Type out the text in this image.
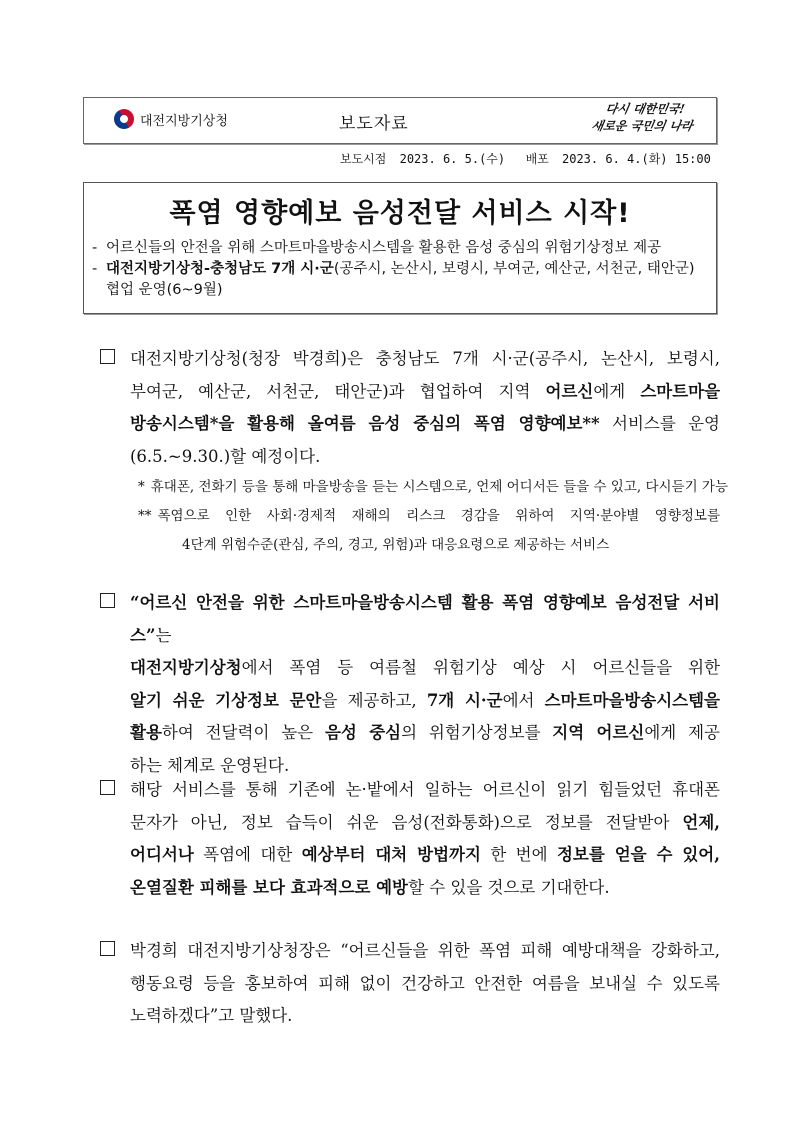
대전지방기상청	보도자료
다시 대한민국!
새로운 국민의 나라
보도시점 2023. 6. 5.(수) 배포 2023. 6. 4.(화) 15:00
폭염 영향예보 음성전달 서비스 시작!
- 어르신들의 안전을 위해 스마트마을방송시스템을 활용한 음성 중심의 위험기상정보 제공
- 대전지방기상청-충청남도 7개 시·군(공주시, 논산시, 보령시, 부여군, 예산군, 서천군, 태안군) 협업 운영(6~9월)
대전지방기상청(청장 박경희)은 충청남도 7개 시·군(공주시, 논산시, 보령시,
부여군, 예산군, 서천군, 태안군)과 협업하여 지역 어르신에게 스마트마을
방송시스템*을 활용해 올여름 음성 중심의 폭염 영향예보** 서비스를 운영
(6.5.~9.30.)할 예정이다.
* 휴대폰, 전화기 등을 통해 마을방송을 듣는 시스템으로, 언제 어디서든 들을 수 있고, 다시듣기 가능
** 폭염으로 인한 사회·경제적 재해의 리스크 경감을 위하여 지역·분야별 영향정보를
4단계 위험수준(관심, 주의, 경고, 위험)과 대응요령으로 제공하는 서비스
“어르신 안전을 위한 스마트마을방송시스템 활용 폭염 영향예보 음성전달 서비스”는
대전지방기상청에서 폭염 등 여름철 위험기상 예상 시 어르신들을 위한
알기 쉬운 기상정보 문안을 제공하고, 7개 시·군에서 스마트마을방송시스템을
활용하여 전달력이 높은 음성 중심의 위험기상정보를 지역 어르신에게 제공
하는 체계로 운영된다.
해당 서비스를 통해 기존에 논·밭에서 일하는 어르신이 읽기 힘들었던 휴대폰
문자가 아닌, 정보 습득이 쉬운 음성(전화통화)으로 정보를 전달받아 언제,
어디서나 폭염에 대한 예상부터 대처 방법까지 한 번에 정보를 얻을 수 있어,
온열질환 피해를 보다 효과적으로 예방할 수 있을 것으로 기대한다.
박경희 대전지방기상청장은 “어르신들을 위한 폭염 피해 예방대책을 강화하고,
행동요령 등을 홍보하여 피해 없이 건강하고 안전한 여름을 보내실 수 있도록
노력하겠다”고 말했다.
